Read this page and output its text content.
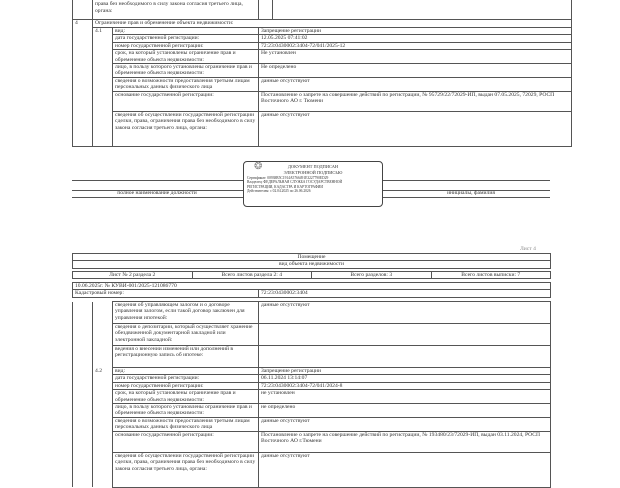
	права без необходимого в силу закона согласия третьего лица, органа:		
4	Ограничение прав и обременение объекта недвижимости:			
	4.1	вид:	Запрещение регистрации	
		дата государственной регистрации:	12.05.2025 07:41:02	
		номер государственной регистрации:	72:23:0430002:3404-72/041/2025-12	
		срок, на который установлены ограничение прав и обременение объекта недвижимости:	Не установлен	
		лицо, в пользу которого установлены ограничение прав и обременение объекта недвижимости:	Не определено	
		сведения о возможности предоставления третьим лицам персональных данных физического лица	данные отсутствуют	
		основание государственной регистрации:	Постановление о запрете на совершение действий по регистрации, № 95729/22/72029-ИП, выдан 07.05.2025, 72029, РОСП Восточного АО г. Тюмени	
		сведения об осуществлении государственной регистрации сделки, права, ограничения права без необходимого в силу закона согласия третьего лица, органа:	данные отсутствуют	
полное наименование должности	инициалы, фамилия
❂	ДОКУМЕНТ ПОДПИСАН
ЭЛЕКТРОННОЙ ПОДПИСЬЮ
Сертификат: 00938B5C1914A5766491E3227790ED29
Владелец: ФЕДЕРАЛЬНАЯ СЛУЖБА ГОСУДАРСТВЕННОЙ
РЕГИСТРАЦИИ, КАДАСТРА И КАРТОГРАФИИ
Действителен: с 02.04.2025 по 26.06.2026
Лист 4
Помещение
вид объекта недвижимости
Лист № 2 раздела 2	Всего листов раздела 2: 4	Всего разделов: 3	Всего листов выписки: 7
10.06.2025г. № КУВИ-001/2025-121086770
Кадастровый номер:	72:23:0430002:3404
		сведения об управляющем залогом и о договоре управления залогом, если такой договор заключен для управления ипотекой:	данные отсутствуют
		сведения о депозитарии, который осуществляет хранение обездвиженной документарной закладной или электронной закладной:	
		ведения о внесении изменений или дополнений в регистрационную запись об ипотеке:	
	4.2	вид:	Запрещение регистрации
		дата государственной регистрации:	06.11.2024 13:14:07
		номер государственной регистрации:	72:23:0430002:3404-72/041/2024-8
		срок, на который установлены ограничение прав и обременение объекта недвижимости:	не установлен
		лицо, в пользу которого установлены ограничение прав и обременение объекта недвижимости:	не определено
		сведения о возможности предоставления третьим лицам персональных данных физического лица	данные отсутствуют
		основание государственной регистрации:	Постановление о запрете на совершение действий по регистрации, № 193480/23/72029-ИП, выдан 03.11.2024, РОСП Восточного АО г.Тюмени
		сведения об осуществлении государственной регистрации сделки, права, ограничения права без необходимого в силу закона согласия третьего лица, органа:	данные отсутствуют
